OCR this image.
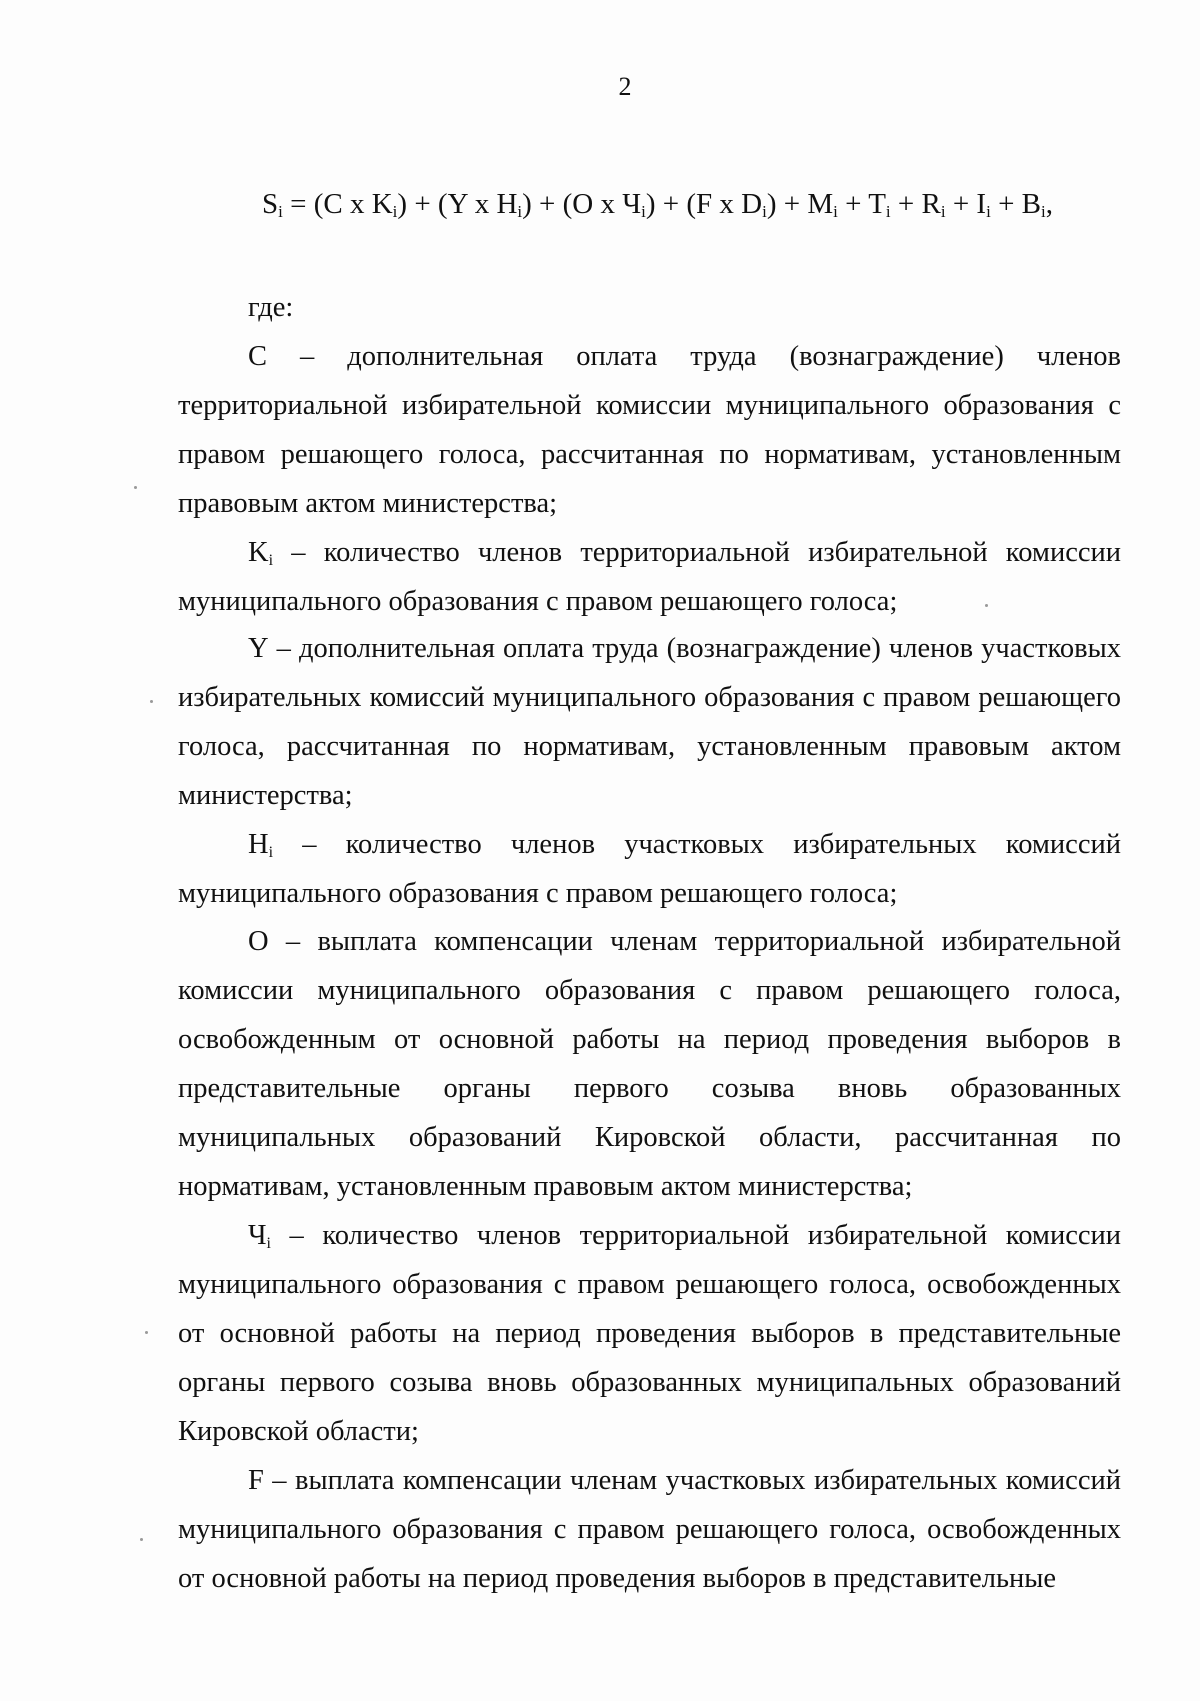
2
$S_i = (C$ x $K_i) + (Y$ x $H_i) + (O$ x $Ч_i) + (F$ x $D_i) + M_i + T_i + R_i + I_i + B_i$,
где:

С – дополнительная оплата труда (вознаграждение) членов территориальной избирательной комиссии муниципального образования с правом решающего голоса, рассчитанная по нормативам, установленным правовым актом министерства;

$K_i$ – количество членов территориальной избирательной комиссии муниципального образования с правом решающего голоса;

Y – дополнительная оплата труда (вознаграждение) членов участковых избирательных комиссий муниципального образования с правом решающего голоса, рассчитанная по нормативам, установленным правовым актом министерства;

$H_i$ – количество членов участковых избирательных комиссий муниципального образования с правом решающего голоса;

О – выплата компенсации членам территориальной избирательной комиссии муниципального образования с правом решающего голоса, освобожденным от основной работы на период проведения выборов в представительные органы первого созыва вновь образованных муниципальных образований Кировской области, рассчитанная по нормативам, установленным правовым актом министерства;

$Ч_i$ – количество членов территориальной избирательной комиссии муниципального образования с правом решающего голоса, освобожденных от основной работы на период проведения выборов в представительные органы первого созыва вновь образованных муниципальных образований Кировской области;

F – выплата компенсации членам участковых избирательных комиссий муниципального образования с правом решающего голоса, освобожденных от основной работы на период проведения выборов в представительные
